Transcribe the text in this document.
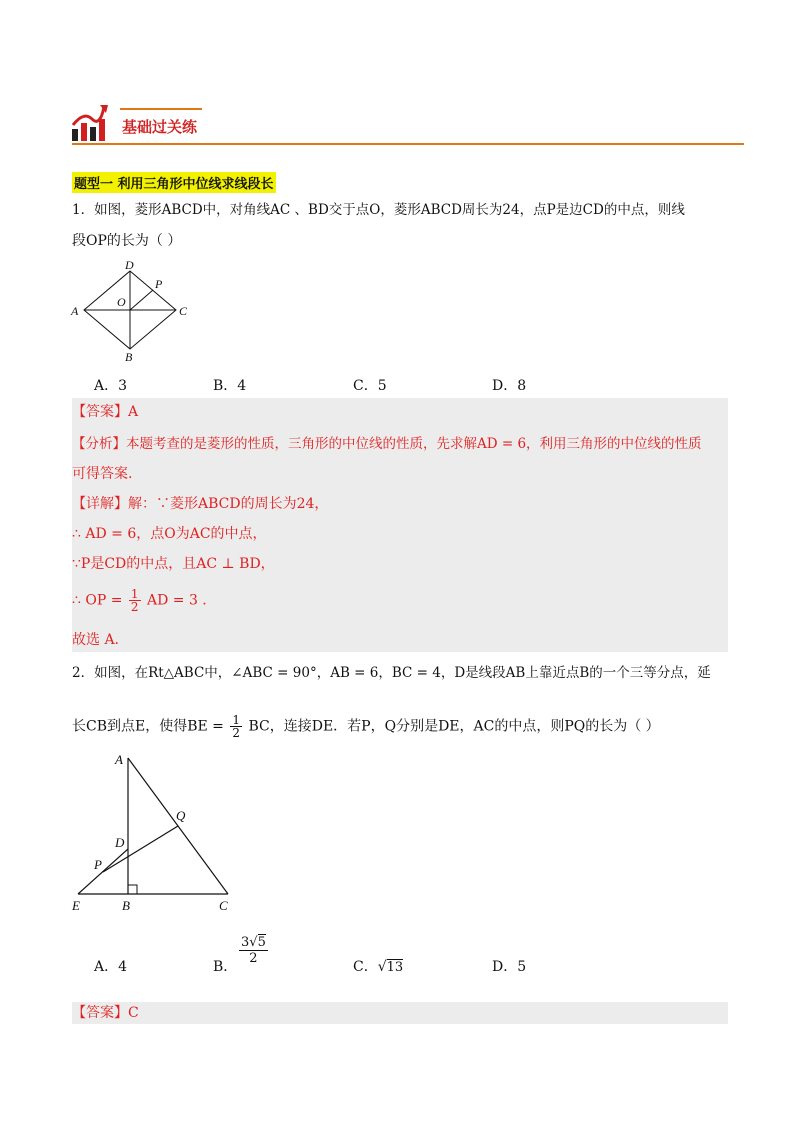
基础过关练
题型一 利用三角形中位线求线段长
1．如图，菱形ABCD中，对角线AC 、BD交于点O，菱形ABCD周长为24，点P是边CD的中点，则线
段OP的长为（ ）
D
P
O
A	C
B
A．3	B．4	C．5	D．8
【答案】A
【分析】本题考查的是菱形的性质，三角形的中位线的性质，先求解AD = 6，利用三角形的中位线的性质
可得答案.
【详解】解：∵菱形ABCD的周长为24，
∴ AD = 6，点O为AC的中点，
∵P是CD的中点，且AC ⊥ BD，
∴ OP = $\frac{1}{2}$ AD = 3 .
故选 A.
2．如图，在Rt△ABC中，∠ABC = 90°，AB = 6，BC = 4，D是线段AB上靠近点B的一个三等分点，延
长CB到点E，使得BE = $\frac{1}{2}$ BC，连接DE．若P，Q分别是DE，AC的中点，则PQ的长为（ ）
A
Q
D
P
E	B	C
A．4	B．
3√5
2
C．√13	D．5
【答案】C
